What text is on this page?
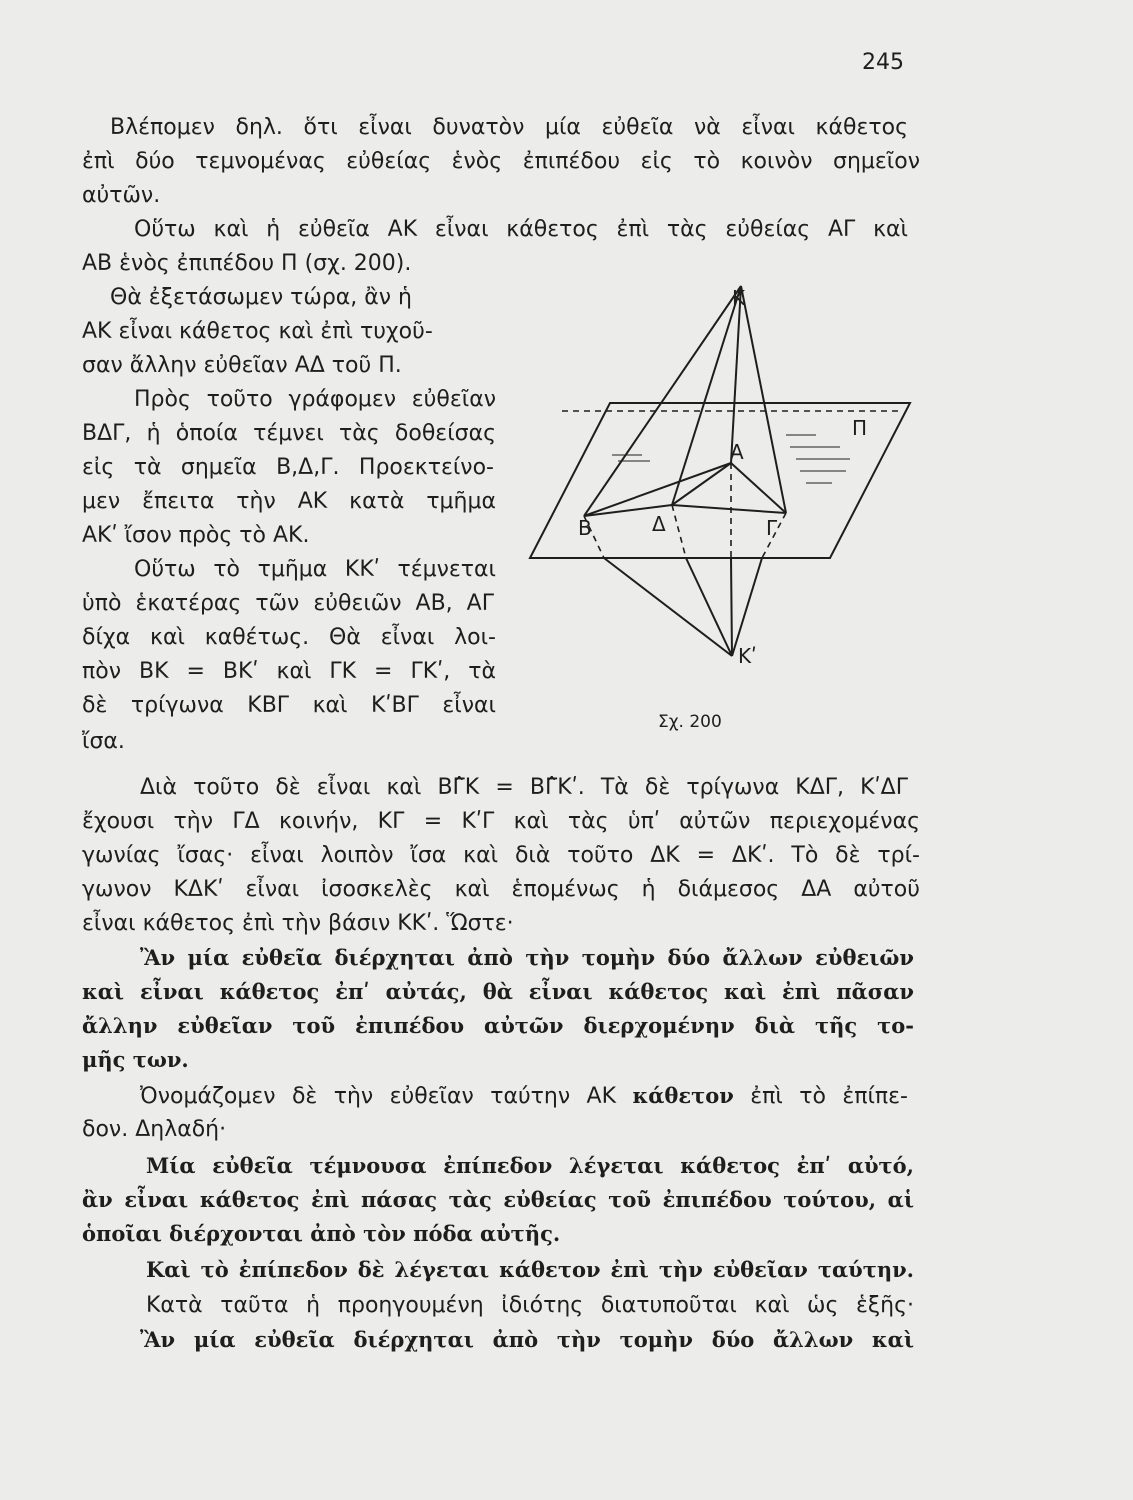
245
Βλέπομεν δηλ. ὅτι εἶναι δυνατὸν μία εὐθεῖα νὰ εἶναι κάθετος
ἐπὶ δύο τεμνομένας εὐθείας ἑνὸς ἐπιπέδου εἰς τὸ κοινὸν σημεῖον
αὐτῶν.
Οὕτω καὶ ἡ εὐθεῖα ΑΚ εἶναι κάθετος ἐπὶ τὰς εὐθείας ΑΓ καὶ
ΑΒ ἑνὸς ἐπιπέδου Π (σχ. 200).
Θὰ ἐξετάσωμεν τώρα, ἂν ἡ
ΑΚ εἶναι κάθετος καὶ ἐπὶ τυχοῦ-
σαν ἄλλην εὐθεῖαν ΑΔ τοῦ Π.
Πρὸς τοῦτο γράφομεν εὐθεῖαν
ΒΔΓ, ἡ ὁποία τέμνει τὰς δοθείσας
εἰς τὰ σημεῖα Β,Δ,Γ. Προεκτείνο-
μεν ἔπειτα τὴν ΑΚ κατὰ τμῆμα
ΑΚʹ ἴσον πρὸς τὸ ΑΚ.
Οὕτω τὸ τμῆμα ΚΚʹ τέμνεται
ὑπὸ ἑκατέρας τῶν εὐθειῶν ΑΒ, ΑΓ
δίχα καὶ καθέτως. Θὰ εἶναι λοι-
πὸν ΒΚ = ΒΚʹ καὶ ΓΚ = ΓΚʹ, τὰ
δὲ τρίγωνα ΚΒΓ καὶ ΚʹΒΓ εἶναι
ἴσα.
Διὰ τοῦτο δὲ εἶναι καὶ ΒΓ̂Κ = ΒΓ̂Κʹ. Τὰ δὲ τρίγωνα ΚΔΓ, ΚʹΔΓ
ἔχουσι τὴν ΓΔ κοινήν, ΚΓ = ΚʹΓ καὶ τὰς ὑπʹ αὐτῶν περιεχομένας
γωνίας ἴσας· εἶναι λοιπὸν ἴσα καὶ διὰ τοῦτο ΔΚ = ΔΚʹ. Τὸ δὲ τρί-
γωνον ΚΔΚʹ εἶναι ἰσοσκελὲς καὶ ἑπομένως ἡ διάμεσος ΔΑ αὐτοῦ
εἶναι κάθετος ἐπὶ τὴν βάσιν ΚΚʹ. Ὥστε·
Ἂν μία εὐθεῖα διέρχηται ἀπὸ τὴν τομὴν δύο ἄλλων εὐθειῶν
καὶ εἶναι κάθετος ἐπʹ αὐτάς, θὰ εἶναι κάθετος καὶ ἐπὶ πᾶσαν
ἄλλην εὐθεῖαν τοῦ ἐπιπέδου αὐτῶν διερχομένην διὰ τῆς το-
μῆς των.
Ὀνομάζομεν δὲ τὴν εὐθεῖαν ταύτην ΑΚ κάθετον ἐπὶ τὸ ἐπίπε-
δον. Δηλαδή·
Μία εὐθεῖα τέμνουσα ἐπίπεδον λέγεται κάθετος ἐπʹ αὐτό,
ἂν εἶναι κάθετος ἐπὶ πάσας τὰς εὐθείας τοῦ ἐπιπέδου τούτου, αἱ
ὁποῖαι διέρχονται ἀπὸ τὸν πόδα αὐτῆς.
Καὶ τὸ ἐπίπεδον δὲ λέγεται κάθετον ἐπὶ τὴν εὐθεῖαν ταύτην.
Κατὰ ταῦτα ἡ προηγουμένη ἰδιότης διατυποῦται καὶ ὡς ἑξῆς·
Ἂν μία εὐθεῖα διέρχηται ἀπὸ τὴν τομὴν δύο ἄλλων καὶ
Κ
Π
Α
Β	Δ	Γ
Κʹ
Σχ. 200
